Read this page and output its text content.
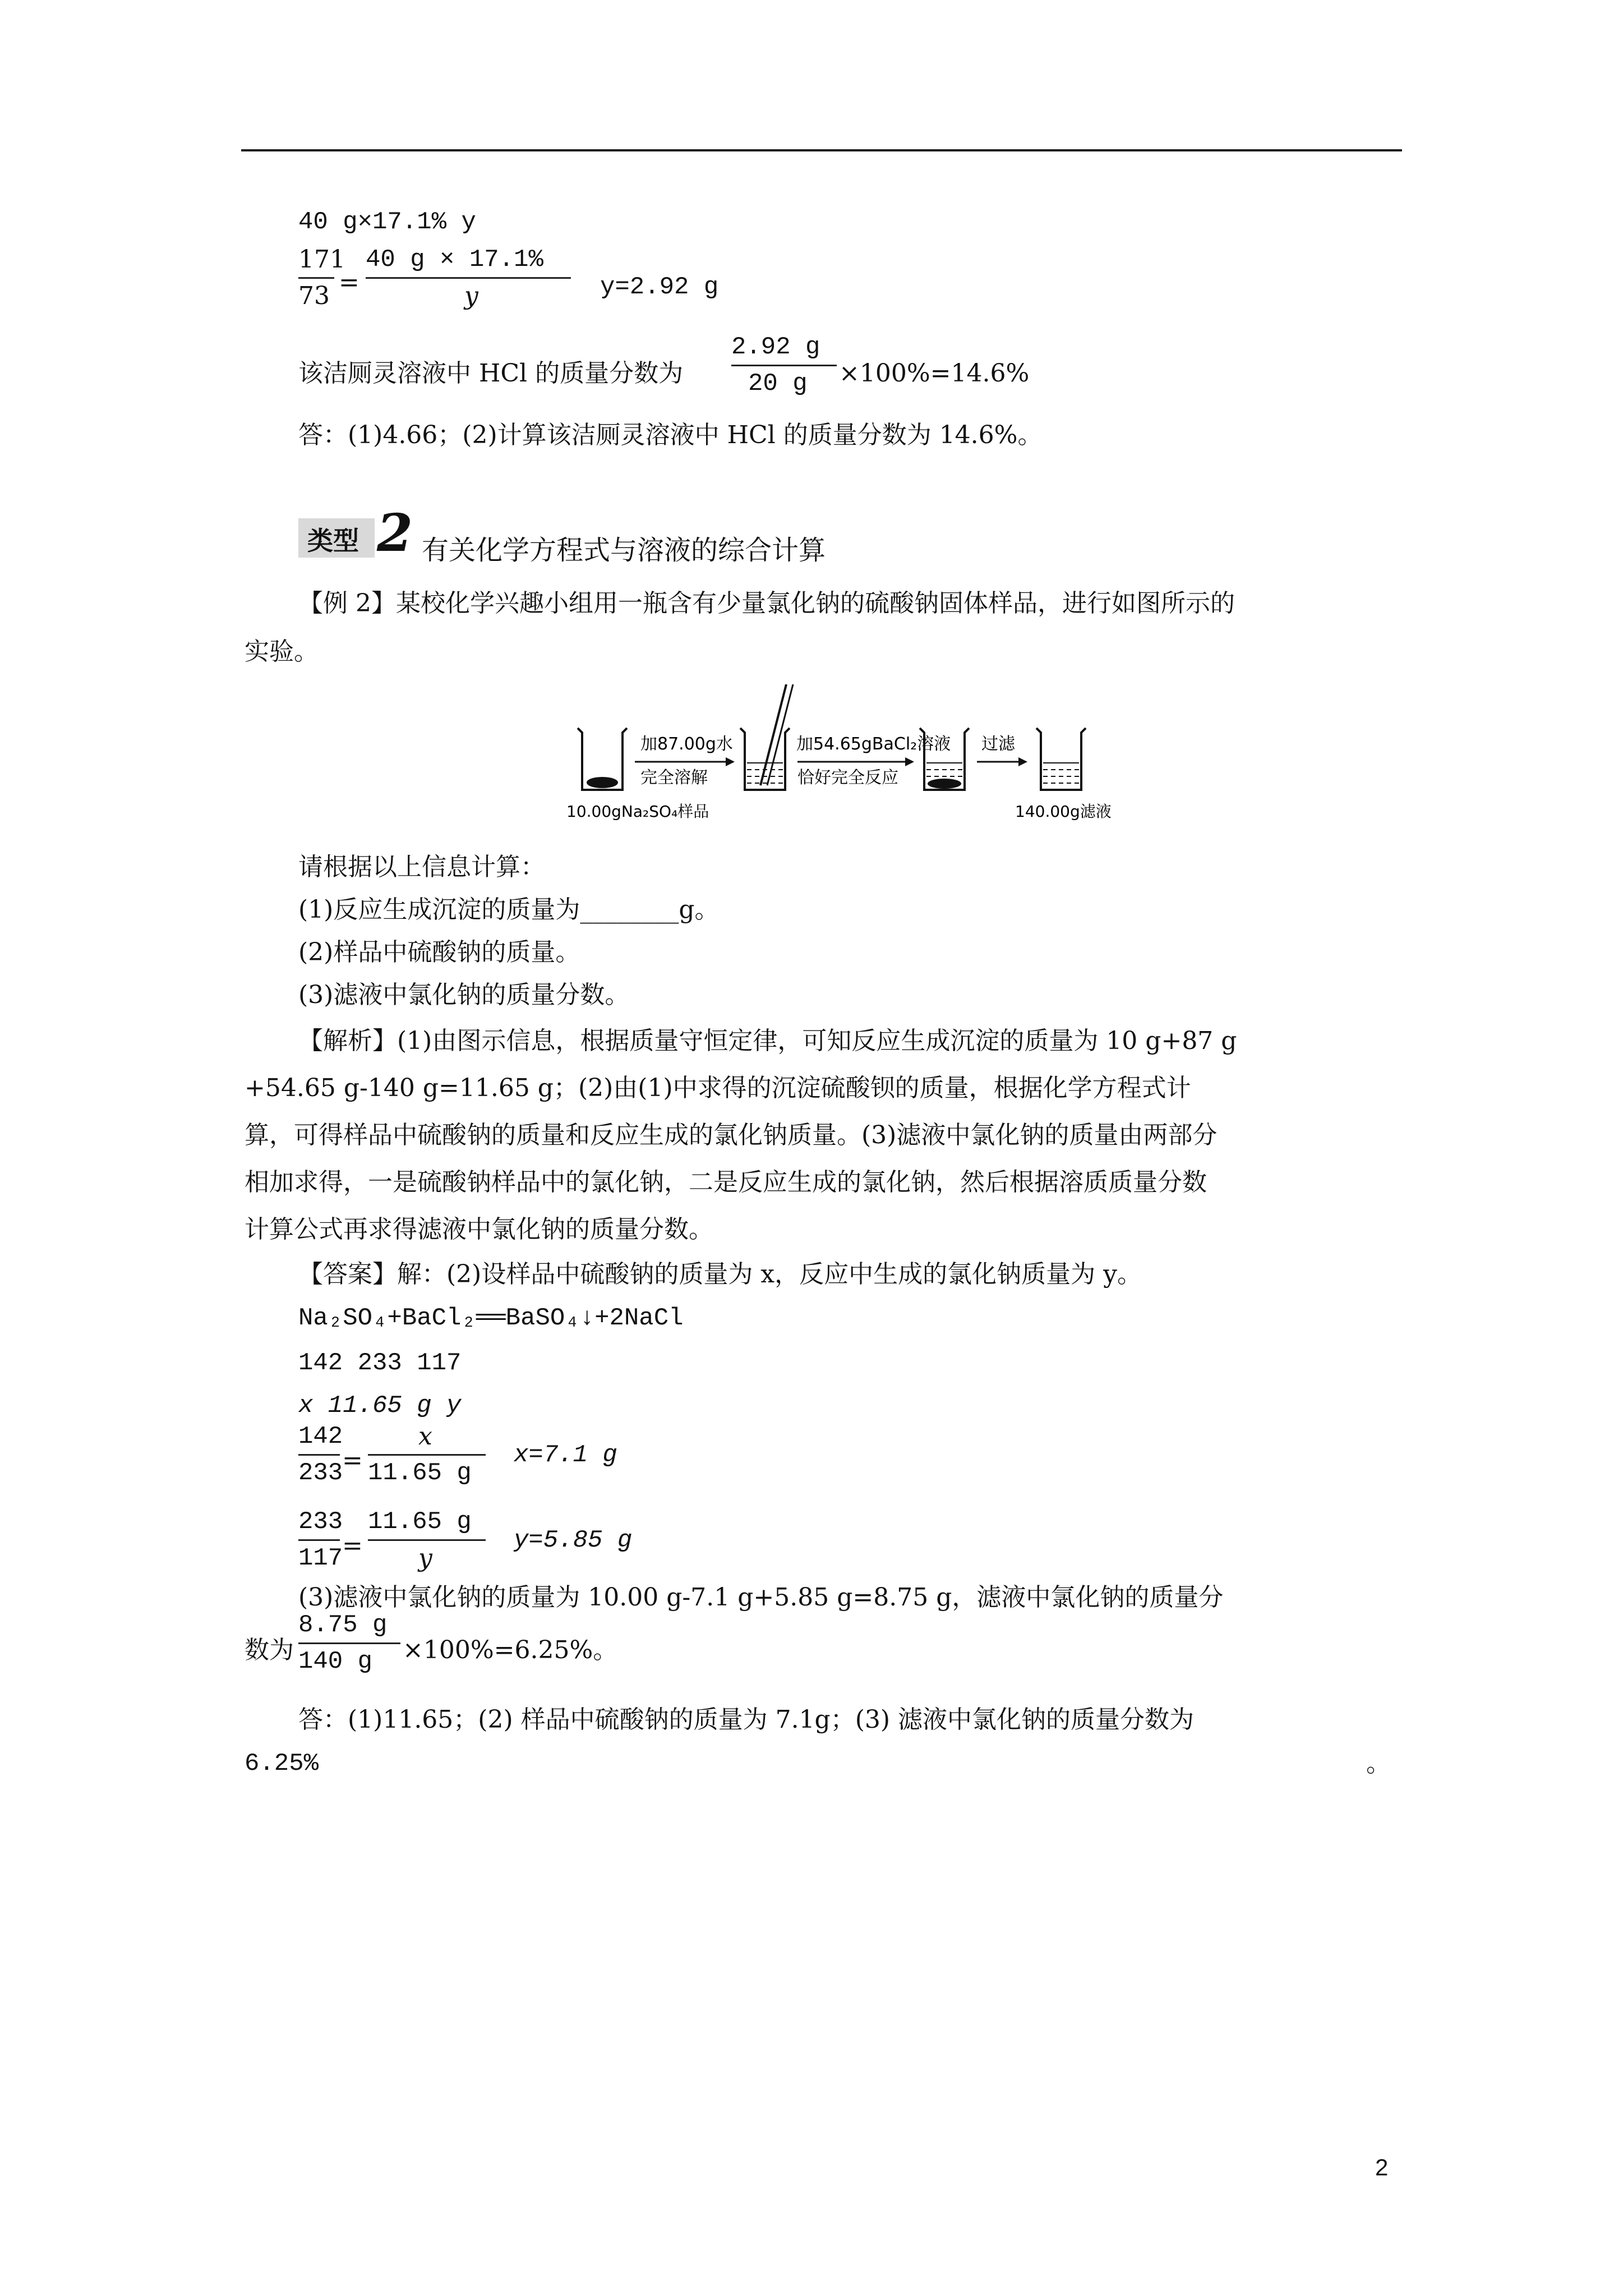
40 g×17.1% y
171
73 =
40 g × 17.1%
y	y=2.92 g
该洁厕灵溶液中 HCl 的质量分数为
2.92 g
20 g ×100%=14.6%
答：(1)4.66；(2)计算该洁厕灵溶液中 HCl 的质量分数为 14.6%。
类型 2 有关化学方程式与溶液的综合计算
【例 2】某校化学兴趣小组用一瓶含有少量氯化钠的硫酸钠固体样品，进行如图所示的
实验。
加87.00g水
完全溶解
10.00gNa₂SO₄样品
加54.65gBaCl₂溶液
恰好完全反应
过滤
140.00g滤液
请根据以上信息计算：
(1)反应生成沉淀的质量为________g。
(2)样品中硫酸钠的质量。
(3)滤液中氯化钠的质量分数。
【解析】(1)由图示信息，根据质量守恒定律，可知反应生成沉淀的质量为 10 g+87 g
+54.65 g-140 g=11.65 g；(2)由(1)中求得的沉淀硫酸钡的质量，根据化学方程式计
算，可得样品中硫酸钠的质量和反应生成的氯化钠质量。(3)滤液中氯化钠的质量由两部分
相加求得，一是硫酸钠样品中的氯化钠，二是反应生成的氯化钠，然后根据溶质质量分数
计算公式再求得滤液中氯化钠的质量分数。
【答案】解：(2)设样品中硫酸钠的质量为 x，反应中生成的氯化钠质量为 y。
Na₂SO₄+BaCl₂══BaSO₄↓+2NaCl
142 233 117
x 11.65 g y
142
233
=
x
11.65 g
x=7.1 g
233
117
=
11.65 g
y
y=5.85 g
(3)滤液中氯化钠的质量为 10.00 g-7.1 g+5.85 g=8.75 g，滤液中氯化钠的质量分
数为
8.75 g
140 g ×100%=6.25%。
答：(1)11.65；(2) 样品中硫酸钠的质量为 7.1g；(3) 滤液中氯化钠的质量分数为
6.25%	。
2
